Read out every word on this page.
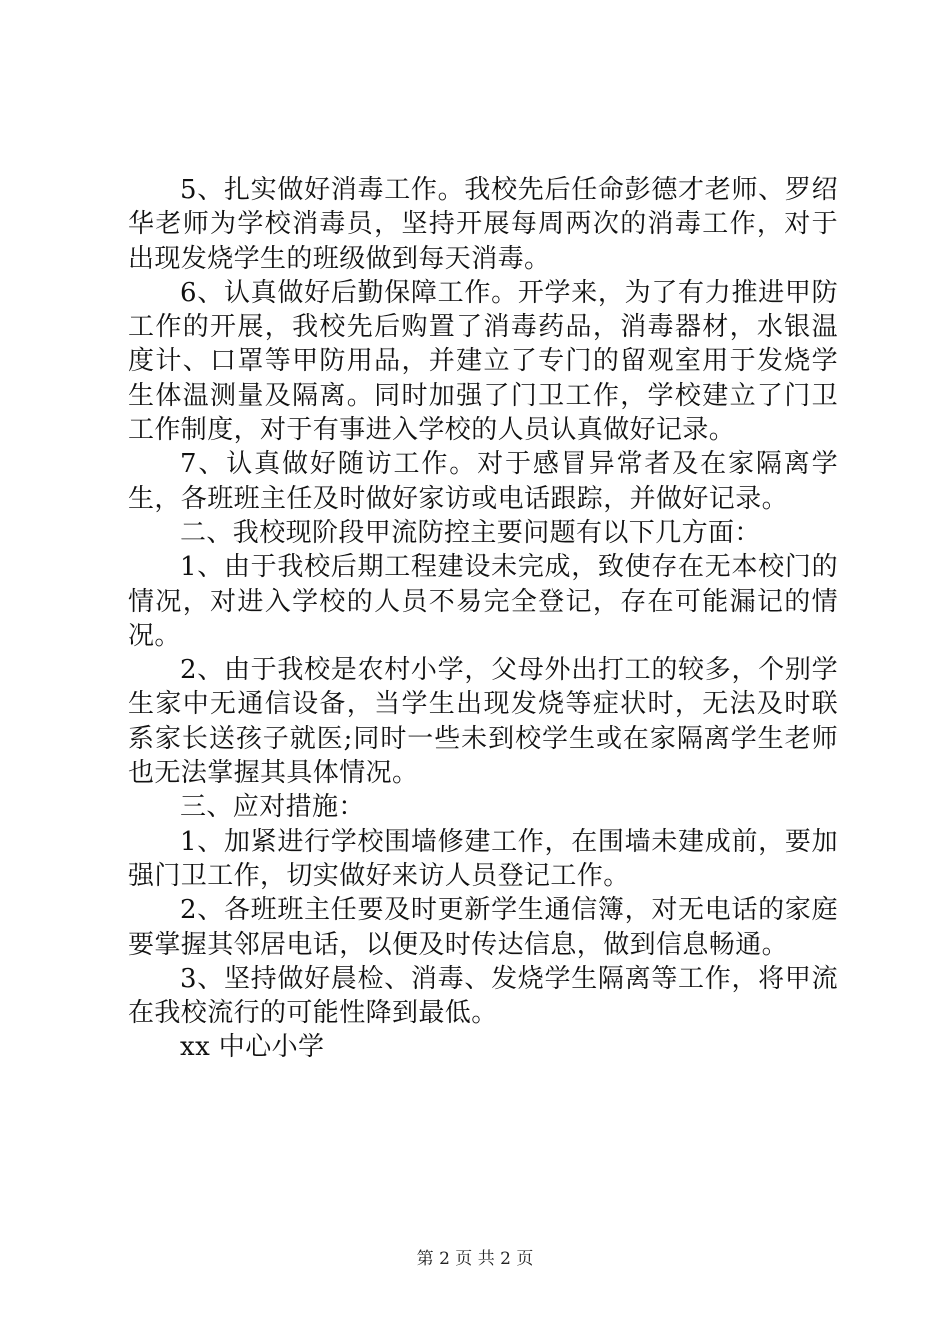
5、扎实做好消毒工作。我校先后任命彭德才老师、罗绍华老师为学校消毒员，坚持开展每周两次的消毒工作，对于出现发烧学生的班级做到每天消毒。

6、认真做好后勤保障工作。开学来，为了有力推进甲防工作的开展，我校先后购置了消毒药品，消毒器材，水银温度计、口罩等甲防用品，并建立了专门的留观室用于发烧学生体温测量及隔离。同时加强了门卫工作，学校建立了门卫工作制度，对于有事进入学校的人员认真做好记录。

7、认真做好随访工作。对于感冒异常者及在家隔离学生，各班班主任及时做好家访或电话跟踪，并做好记录。

二、我校现阶段甲流防控主要问题有以下几方面：

1、由于我校后期工程建设未完成，致使存在无本校门的情况，对进入学校的人员不易完全登记，存在可能漏记的情况。

2、由于我校是农村小学，父母外出打工的较多，个别学生家中无通信设备，当学生出现发烧等症状时，无法及时联系家长送孩子就医;同时一些未到校学生或在家隔离学生老师也无法掌握其具体情况。

三、应对措施：

1、加紧进行学校围墙修建工作，在围墙未建成前，要加强门卫工作，切实做好来访人员登记工作。

2、各班班主任要及时更新学生通信簿，对无电话的家庭要掌握其邻居电话，以便及时传达信息，做到信息畅通。

3、坚持做好晨检、消毒、发烧学生隔离等工作，将甲流在我校流行的可能性降到最低。

xx 中心小学

第 2 页 共 2 页
